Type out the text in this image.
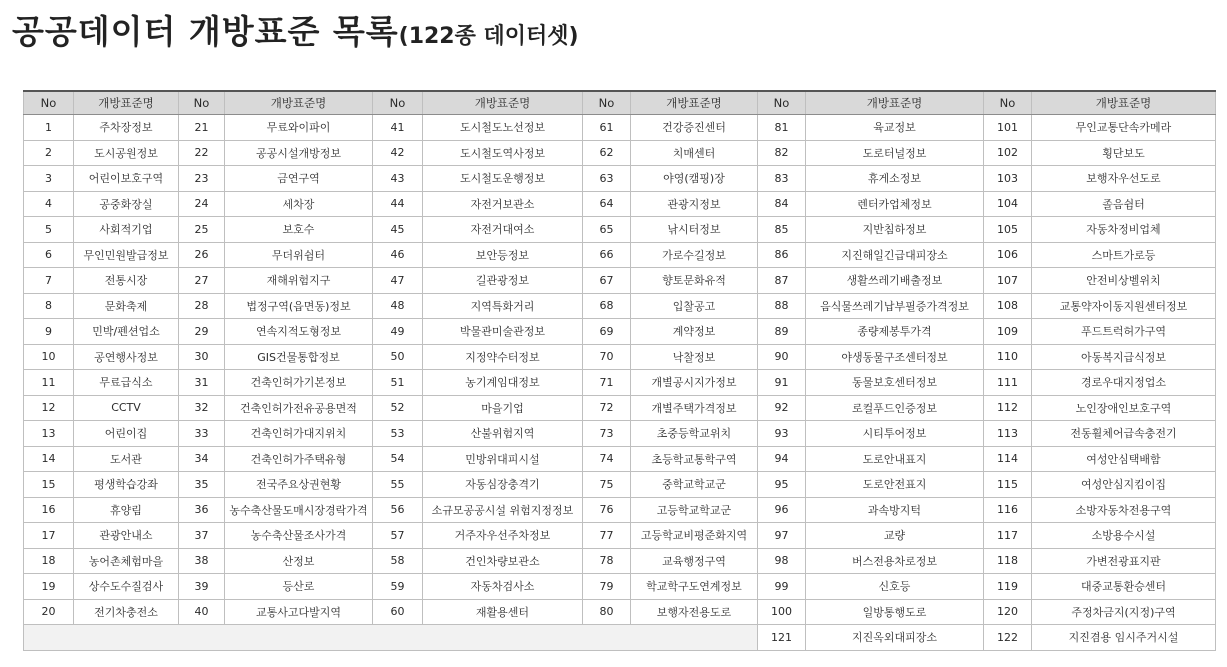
공공데이터 개방표준 목록(122종 데이터셋)
No	개방표준명	No	개방표준명	No	개방표준명	No	개방표준명	No	개방표준명	No	개방표준명
1	주차장정보	21	무료와이파이	41	도시철도노선정보	61	건강증진센터	81	육교정보	101	무인교통단속카메라
2	도시공원정보	22	공공시설개방정보	42	도시철도역사정보	62	치매센터	82	도로터널정보	102	횡단보도
3	어린이보호구역	23	금연구역	43	도시철도운행정보	63	야영(캠핑)장	83	휴게소정보	103	보행자우선도로
4	공중화장실	24	세차장	44	자전거보관소	64	관광지정보	84	렌터카업체정보	104	졸음쉼터
5	사회적기업	25	보호수	45	자전거대여소	65	낚시터정보	85	지반침하정보	105	자동차정비업체
6	무인민원발급정보	26	무더위쉼터	46	보안등정보	66	가로수길정보	86	지진해일긴급대피장소	106	스마트가로등
7	전통시장	27	재해위험지구	47	길관광정보	67	향토문화유적	87	생활쓰레기배출정보	107	안전비상벨위치
8	문화축제	28	법정구역(읍면동)정보	48	지역특화거리	68	입찰공고	88	음식물쓰레기납부필증가격정보	108	교통약자이동지원센터정보
9	민박/펜션업소	29	연속지적도형정보	49	박물관미술관정보	69	계약정보	89	종량제봉투가격	109	푸드트럭허가구역
10	공연행사정보	30	GIS건물통합정보	50	지정약수터정보	70	낙찰정보	90	야생동물구조센터정보	110	아동복지급식정보
11	무료급식소	31	건축인허가기본정보	51	농기계임대정보	71	개별공시지가정보	91	동물보호센터정보	111	경로우대지정업소
12	CCTV	32	건축인허가전유공용면적	52	마을기업	72	개별주택가격정보	92	로컬푸드인증정보	112	노인장애인보호구역
13	어린이집	33	건축인허가대지위치	53	산불위험지역	73	초중등학교위치	93	시티투어정보	113	전동휠체어급속충전기
14	도서관	34	건축인허가주택유형	54	민방위대피시설	74	초등학교통학구역	94	도로안내표지	114	여성안심택배함
15	평생학습강좌	35	전국주요상권현황	55	자동심장충격기	75	중학교학교군	95	도로안전표지	115	여성안심지킴이집
16	휴양림	36	농수축산물도매시장경락가격	56	소규모공공시설 위험지정정보	76	고등학교학교군	96	과속방지턱	116	소방자동차전용구역
17	관광안내소	37	농수축산물조사가격	57	거주자우선주차정보	77	고등학교비평준화지역	97	교량	117	소방용수시설
18	농어촌체험마을	38	산정보	58	건인차량보관소	78	교육행정구역	98	버스전용차로정보	118	가변전광표지판
19	상수도수질검사	39	등산로	59	자동차검사소	79	학교학구도연계정보	99	신호등	119	대중교통환승센터
20	전기차충전소	40	교통사고다발지역	60	재활용센터	80	보행자전용도로	100	일방통행도로	120	주정차금지(지정)구역
								121	지진옥외대피장소	122	지진겸용 임시주거시설
